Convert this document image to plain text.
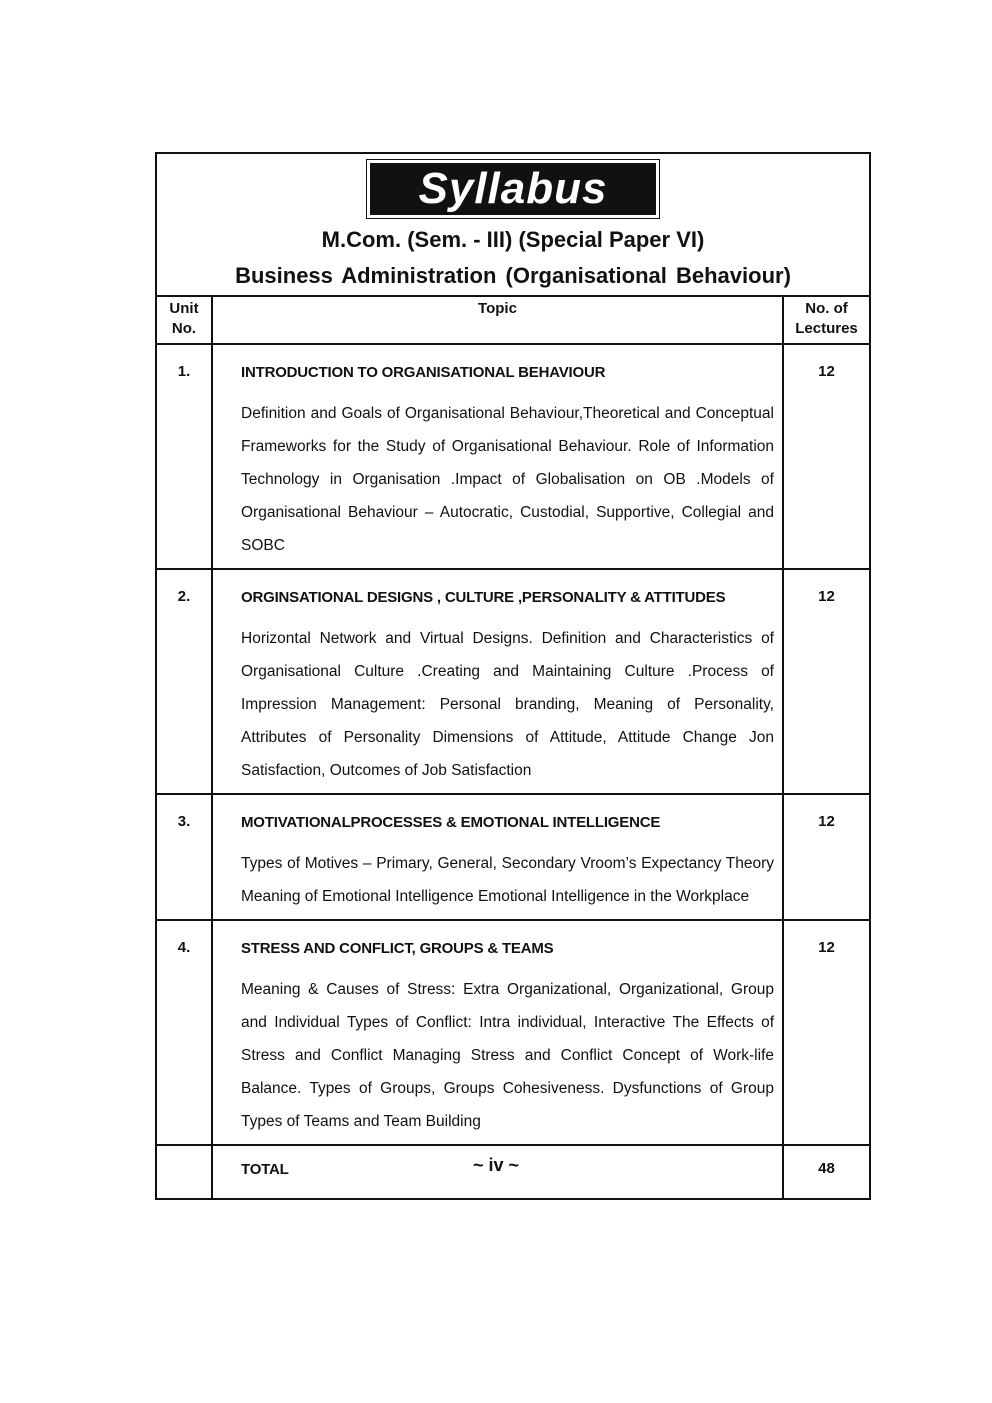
Syllabus
M.Com. (Sem. - III) (Special Paper VI)
Business Administration (Organisational Behaviour)
Unit No.	Topic	No. of Lectures
1.	INTRODUCTION TO ORGANISATIONAL BEHAVIOUR
Definition and Goals of Organisational Behaviour,Theoretical and Conceptual Frameworks for the Study of Organisational Behaviour. Role of Information Technology in Organisation .Impact of Globalisation on OB .Models of Organisational Behaviour – Autocratic, Custodial, Supportive, Collegial and SOBC	12
2.	ORGINSATIONAL DESIGNS , CULTURE ,PERSONALITY & ATTITUDES
Horizontal Network and Virtual Designs. Definition and Characteristics of Organisational Culture .Creating and Maintaining Culture .Process of Impression Management: Personal branding, Meaning of Personality, Attributes of Personality Dimensions of Attitude, Attitude Change Jon Satisfaction, Outcomes of Job Satisfaction	12
3.	MOTIVATIONALPROCESSES & EMOTIONAL INTELLIGENCE
Types of Motives – Primary, General, Secondary Vroom’s Expectancy Theory Meaning of Emotional Intelligence Emotional Intelligence in the Workplace	12
4.	STRESS AND CONFLICT, GROUPS & TEAMS
Meaning & Causes of Stress: Extra Organizational, Organizational, Group and Individual Types of Conflict: Intra individual, Interactive The Effects of Stress and Conflict Managing Stress and Conflict Concept of Work-life Balance. Types of Groups, Groups Cohesiveness. Dysfunctions of Group Types of Teams and Team Building	12

	TOTAL	48
~ iv ~
